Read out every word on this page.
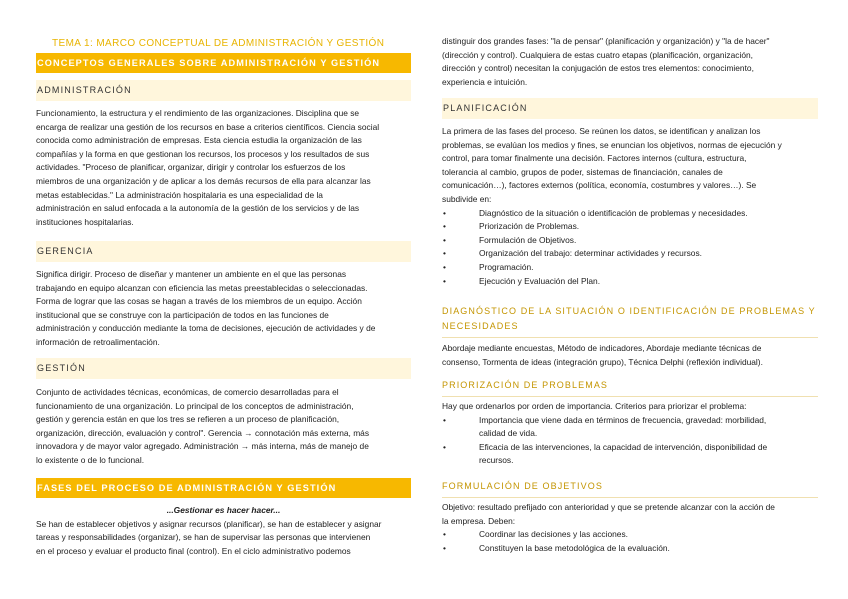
TEMA 1: MARCO CONCEPTUAL DE ADMINISTRACIÓN Y GESTIÓN
CONCEPTOS GENERALES SOBRE ADMINISTRACIÓN Y GESTIÓN
ADMINISTRACIÓN

Funcionamiento, la estructura y el rendimiento de las organizaciones. Disciplina que se

encarga de realizar una gestión de los recursos en base a criterios científicos. Ciencia social

conocida como administración de empresas. Esta ciencia estudia la organización de las

compañías y la forma en que gestionan los recursos, los procesos y los resultados de sus

actividades. "Proceso de planificar, organizar, dirigir y controlar los esfuerzos de los

miembros de una organización y de aplicar a los demás recursos de ella para alcanzar las

metas establecidas." La administración hospitalaria es una especialidad de la

administración en salud enfocada a la autonomía de la gestión de los servicios y de las

instituciones hospitalarias.

GERENCIA

Significa dirigir. Proceso de diseñar y mantener un ambiente en el que las personas

trabajando en equipo alcanzan con eficiencia las metas preestablecidas o seleccionadas.

Forma de lograr que las cosas se hagan a través de los miembros de un equipo. Acción

institucional que se construye con la participación de todos en las funciones de

administración y conducción mediante la toma de decisiones, ejecución de actividades y de

información de retroalimentación.

GESTIÓN

Conjunto de actividades técnicas, económicas, de comercio desarrolladas para el

funcionamiento de una organización. Lo principal de los conceptos de administración,

gestión y gerencia están en que los tres se refieren a un proceso de planificación,

organización, dirección, evaluación y control". Gerencia → connotación más externa, más

innovadora y de mayor valor agregado. Administración → más interna, más de manejo de

lo existente o de lo funcional.

FASES DEL PROCESO DE ADMINISTRACIÓN Y GESTIÓN

...Gestionar es hacer hacer...

Se han de establecer objetivos y asignar recursos (planificar), se han de establecer y asignar

tareas y responsabilidades (organizar), se han de supervisar las personas que intervienen

en el proceso y evaluar el producto final (control). En el ciclo administrativo podemos

distinguir dos grandes fases: "la de pensar" (planificación y organización) y "la de hacer"

(dirección y control). Cualquiera de estas cuatro etapas (planificación, organización,

dirección y control) necesitan la conjugación de estos tres elementos: conocimiento,

experiencia e intuición.

PLANIFICACIÓN

La primera de las fases del proceso. Se reúnen los datos, se identifican y analizan los

problemas, se evalúan los medios y fines, se enuncian los objetivos, normas de ejecución y

control, para tomar finalmente una decisión. Factores internos (cultura, estructura,

tolerancia al cambio, grupos de poder, sistemas de financiación, canales de

comunicación…), factores externos (política, economía, costumbres y valores…). Se

subdivide en:

• Diagnóstico de la situación o identificación de problemas y necesidades.
• Priorización de Problemas.
• Formulación de Objetivos.
• Organización del trabajo: determinar actividades y recursos.
• Programación.
• Ejecución y Evaluación del Plan.
DIAGNÓSTICO DE LA SITUACIÓN O IDENTIFICACIÓN DE PROBLEMAS Y
NECESIDADES

Abordaje mediante encuestas, Método de indicadores, Abordaje mediante técnicas de

consenso, Tormenta de ideas (integración grupo), Técnica Delphi (reflexión individual).

PRIORIZACIÓN DE PROBLEMAS

Hay que ordenarlos por orden de importancia. Criterios para priorizar el problema:

• Importancia que viene dada en términos de frecuencia, gravedad: morbilidad,
calidad de vida.
• Eficacia de las intervenciones, la capacidad de intervención, disponibilidad de
recursos.
FORMULACIÓN DE OBJETIVOS

Objetivo: resultado prefijado con anterioridad y que se pretende alcanzar con la acción de

la empresa. Deben:

• Coordinar las decisiones y las acciones.
• Constituyen la base metodológica de la evaluación.
